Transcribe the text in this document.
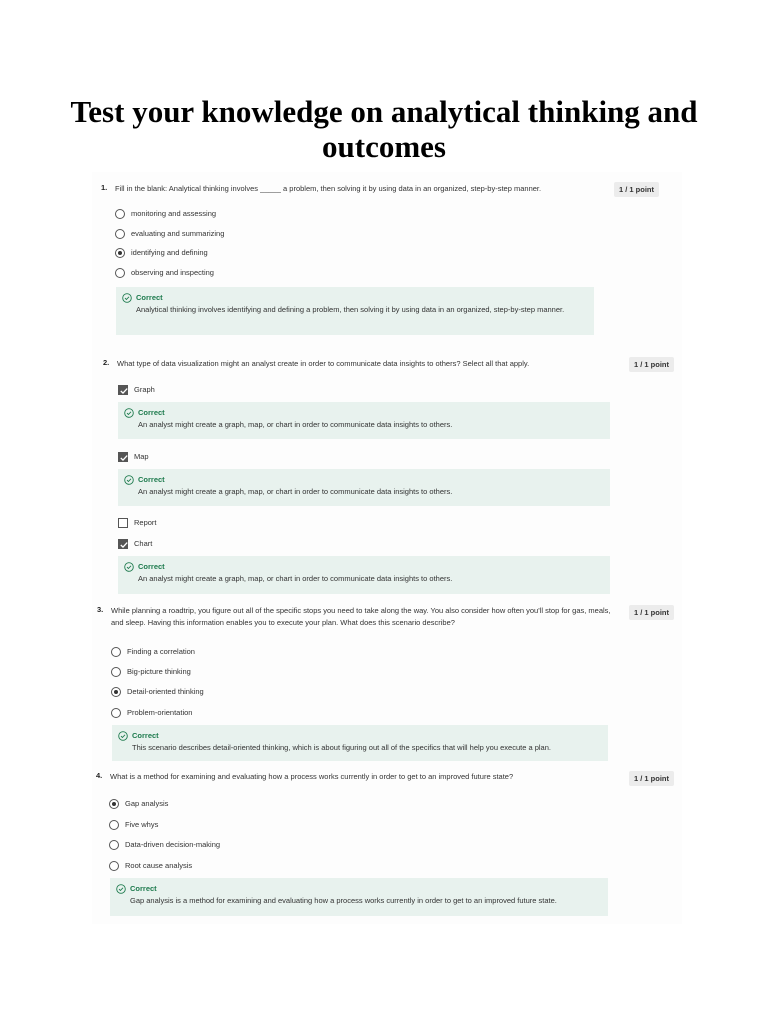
Test your knowledge on analytical thinking and outcomes
1. Fill in the blank: Analytical thinking involves _____ a problem, then solving it by using data in an organized, step-by-step manner.	1 / 1 point
monitoring and assessing
evaluating and summarizing
identifying and defining
observing and inspecting
Correct
Analytical thinking involves identifying and defining a problem, then solving it by using data in an organized, step-by-step manner.
2. What type of data visualization might an analyst create in order to communicate data insights to others? Select all that apply.	1 / 1 point
Graph
Correct
An analyst might create a graph, map, or chart in order to communicate data insights to others.
Map
Correct
An analyst might create a graph, map, or chart in order to communicate data insights to others.
Report
Chart
Correct
An analyst might create a graph, map, or chart in order to communicate data insights to others.
3. While planning a roadtrip, you figure out all of the specific stops you need to take along the way. You also consider how often you'll stop for gas, meals, and sleep. Having this information enables you to execute your plan. What does this scenario describe?
1 / 1 point
Finding a correlation
Big-picture thinking
Detail-oriented thinking
Problem-orientation
Correct
This scenario describes detail-oriented thinking, which is about figuring out all of the specifics that will help you execute a plan.
4. What is a method for examining and evaluating how a process works currently in order to get to an improved future state?	1 / 1 point
Gap analysis
Five whys
Data-driven decision-making
Root cause analysis
Correct
Gap analysis is a method for examining and evaluating how a process works currently in order to get to an improved future state.
